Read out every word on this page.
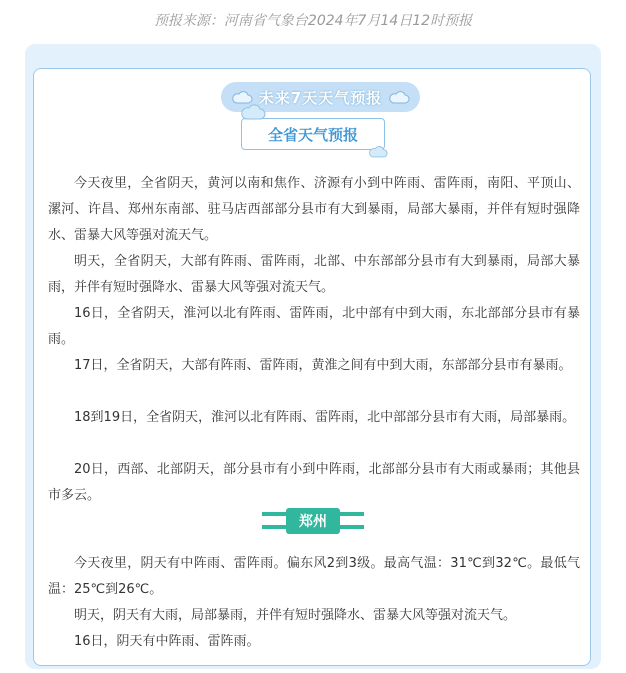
预报来源：河南省气象台2024年7月14日12时预报
未来7天天气预报
全省天气预报

今天夜里，全省阴天，黄河以南和焦作、济源有小到中阵雨、雷阵雨，南阳、平顶山、漯河、许昌、郑州东南部、驻马店西部部分县市有大到暴雨，局部大暴雨，并伴有短时强降水、雷暴大风等强对流天气。

明天，全省阴天，大部有阵雨、雷阵雨，北部、中东部部分县市有大到暴雨，局部大暴雨，并伴有短时强降水、雷暴大风等强对流天气。

16日，全省阴天，淮河以北有阵雨、雷阵雨，北中部有中到大雨，东北部部分县市有暴雨。

17日，全省阴天，大部有阵雨、雷阵雨，黄淮之间有中到大雨，东部部分县市有暴雨。

18到19日，全省阴天，淮河以北有阵雨、雷阵雨，北中部部分县市有大雨，局部暴雨。

20日，西部、北部阴天，部分县市有小到中阵雨，北部部分县市有大雨或暴雨；其他县市多云。

郑州

今天夜里，阴天有中阵雨、雷阵雨。偏东风2到3级。最高气温：31℃到32℃。最低气温：25℃到26℃。

明天，阴天有大雨，局部暴雨，并伴有短时强降水、雷暴大风等强对流天气。

16日，阴天有中阵雨、雷阵雨。
